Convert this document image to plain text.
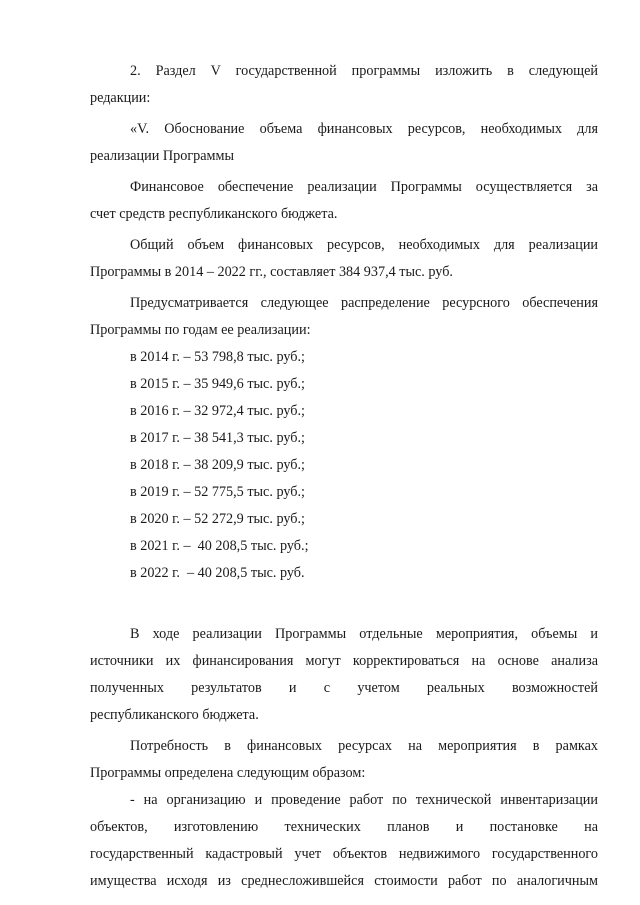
2. Раздел V государственной программы изложить в следующей
редакции:

«V. Обоснование объема финансовых ресурсов, необходимых для
реализации Программы

Финансовое обеспечение реализации Программы осуществляется за
счет средств республиканского бюджета.

Общий объем финансовых ресурсов, необходимых для реализации
Программы в 2014 – 2022 гг., составляет 384 937,4 тыс. руб.

Предусматривается следующее распределение ресурсного обеспечения
Программы по годам ее реализации:

в 2014 г. – 53 798,8 тыс. руб.;
в 2015 г. – 35 949,6 тыс. руб.;
в 2016 г. – 32 972,4 тыс. руб.;
в 2017 г. – 38 541,3 тыс. руб.;
в 2018 г. – 38 209,9 тыс. руб.;
в 2019 г. – 52 775,5 тыс. руб.;
в 2020 г. – 52 272,9 тыс. руб.;
в 2021 г. –  40 208,5 тыс. руб.;
в 2022 г.  – 40 208,5 тыс. руб.

В ходе реализации Программы отдельные мероприятия, объемы и
источники их финансирования могут корректироваться на основе анализа
полученных результатов и с учетом реальных возможностей
республиканского бюджета.

Потребность в финансовых ресурсах на мероприятия в рамках
Программы определена следующим образом:

- на организацию и проведение работ по технической инвентаризации
объектов, изготовлению технических планов и постановке на
государственный кадастровый учет объектов недвижимого государственного
имущества исходя из среднесложившейся стоимости работ по аналогичным
